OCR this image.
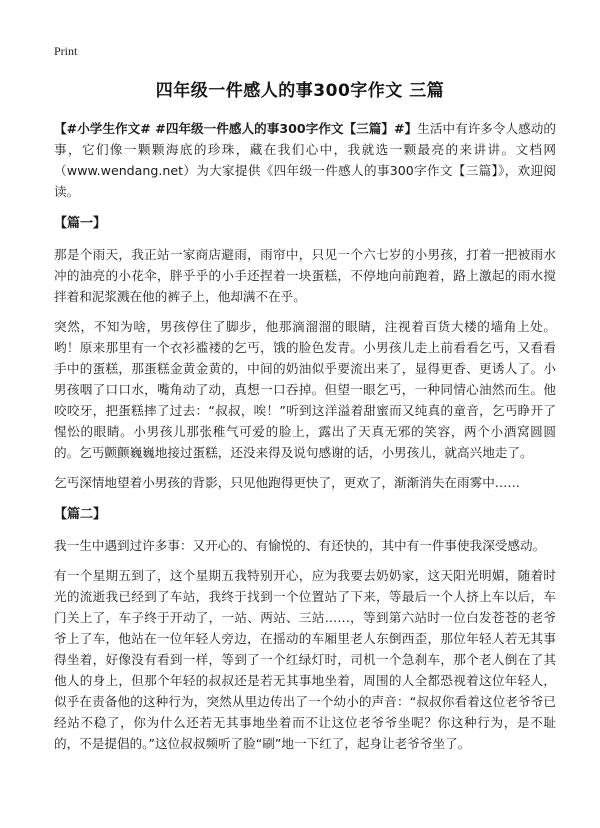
Print
四年级一件感人的事300字作文 三篇

【#小学生作文# #四年级一件感人的事300字作文【三篇】#】生活中有许多令人感动的事，它们像一颗颗海底的珍珠，藏在我们心中，我就选一颗最亮的来讲讲。文档网（www.wendang.net）为大家提供《四年级一件感人的事300字作文【三篇】》，欢迎阅读。

【篇一】

那是个雨天，我正站一家商店避雨，雨帘中，只见一个六七岁的小男孩，打着一把被雨水冲的油亮的小花伞，胖乎乎的小手还捏着一块蛋糕，不停地向前跑着，路上激起的雨水搅拌着和泥浆溅在他的裤子上，他却满不在乎。

突然，不知为啥，男孩停住了脚步，他那滴溜溜的眼睛，注视着百货大楼的墙角上处。哟！原来那里有一个衣衫褴褛的乞丐，饿的脸色发青。小男孩儿走上前看看乞丐，又看看手中的蛋糕，那蛋糕金黄金黄的，中间的奶油似乎要流出来了，显得更香、更诱人了。小男孩咽了口口水，嘴角动了动，真想一口吞掉。但望一眼乞丐，一种同情心油然而生。他咬咬牙，把蛋糕摔了过去：“叔叔，唉！”听到这洋溢着甜蜜而又纯真的童音，乞丐睁开了惺忪的眼睛。小男孩儿那张稚气可爱的脸上，露出了天真无邪的笑容，两个小酒窝圆圆的。乞丐颤颤巍巍地接过蛋糕，还没来得及说句感谢的话，小男孩儿，就高兴地走了。

乞丐深情地望着小男孩的背影，只见他跑得更快了，更欢了，渐渐消失在雨雾中……

【篇二】

我一生中遇到过许多事：又开心的、有愉悦的、有还快的，其中有一件事使我深受感动。

有一个星期五到了，这个星期五我特别开心，应为我要去奶奶家，这天阳光明媚，随着时光的流逝我已经到了车站，我终于找到一个位置站了下来，等最后一个人挤上车以后，车门关上了，车子终于开动了，一站、两站、三站……，等到第六站时一位白发苍苍的老爷爷上了车，他站在一位年轻人旁边，在摇动的车厢里老人东倒西歪，那位年轻人若无其事得坐着，好像没有看到一样，等到了一个红绿灯时，司机一个急刹车，那个老人倒在了其他人的身上，但那个年轻的叔叔还是若无其事地坐着，周围的人全都恐视着这位年轻人，似乎在责备他的这种行为，突然从里边传出了一个幼小的声音：“叔叔你看着这位老爷爷已经站不稳了，你为什么还若无其事地坐着而不让这位老爷爷坐呢？你这种行为，是不耻的，不是提倡的。”这位叔叔频听了脸“刷”地一下红了，起身让老爷爷坐了。
